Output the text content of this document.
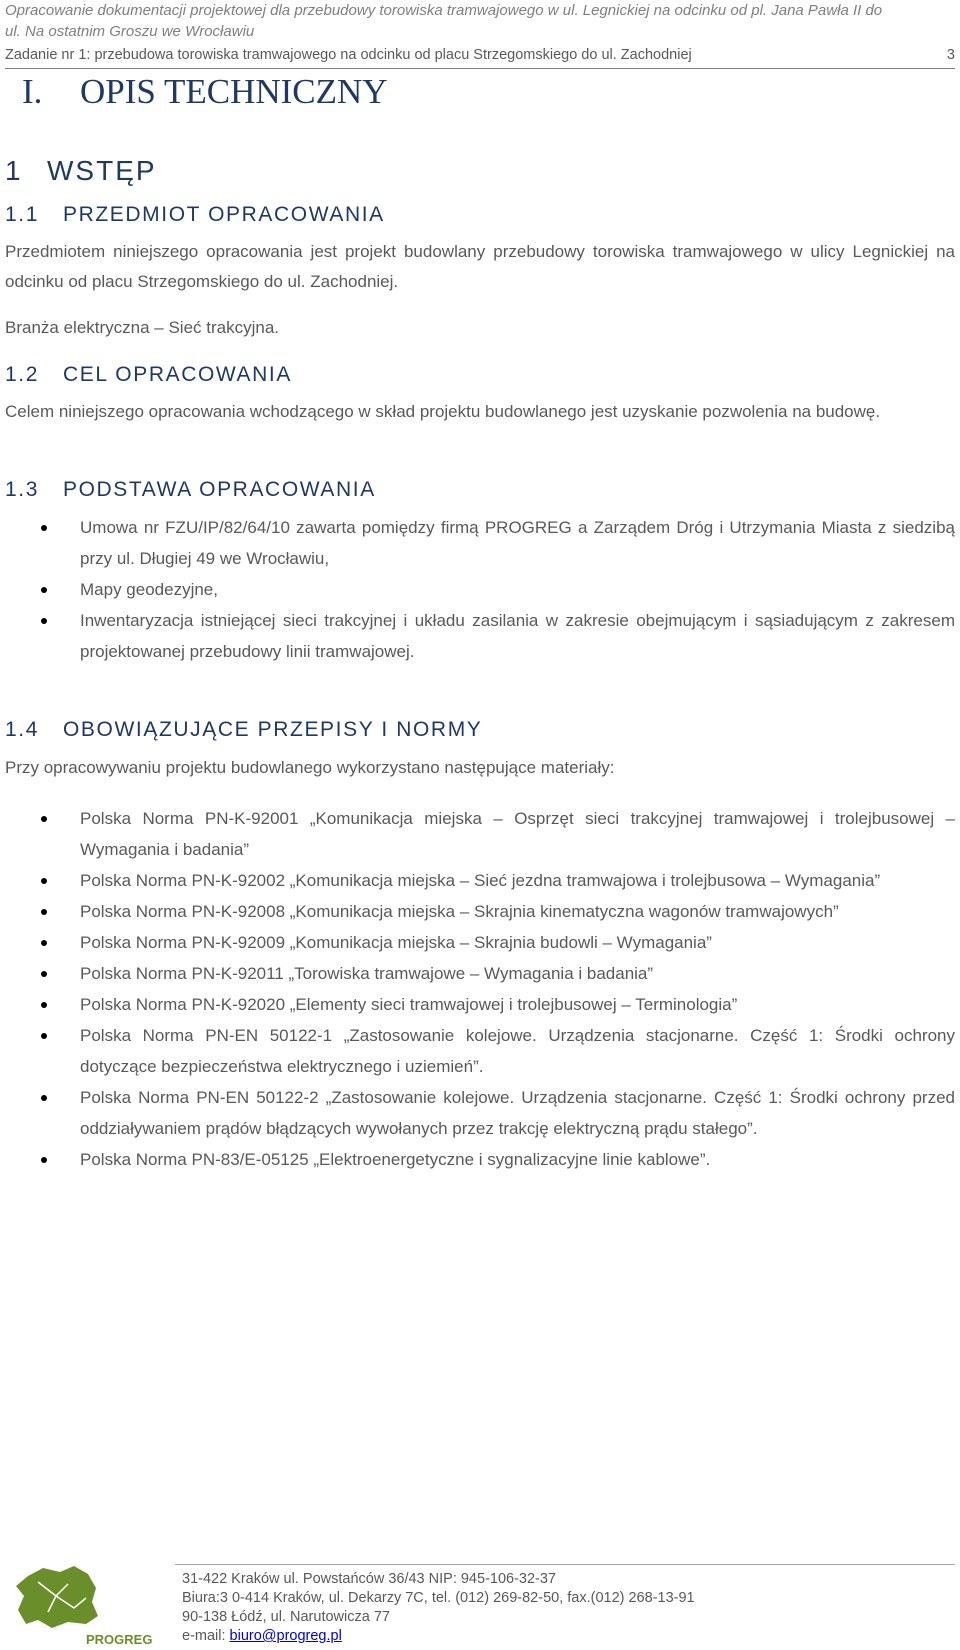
Opracowanie dokumentacji projektowej dla przebudowy torowiska tramwajowego w ul. Legnickiej na odcinku od pl. Jana Pawła II do
ul. Na ostatnim Groszu we Wrocławiu
Zadanie nr 1: przebudowa torowiska tramwajowego na odcinku od placu Strzegomskiego do ul. Zachodniej	3
I. OPIS TECHNICZNY
1 WSTĘP
1.1 PRZEDMIOT OPRACOWANIA
Przedmiotem niniejszego opracowania jest projekt budowlany przebudowy torowiska tramwajowego w ulicy Legnickiej na odcinku od placu Strzegomskiego do ul. Zachodniej.
Branża elektryczna – Sieć trakcyjna.
1.2 CEL OPRACOWANIA
Celem niniejszego opracowania wchodzącego w skład projektu budowlanego jest uzyskanie pozwolenia na budowę.
1.3 PODSTAWA OPRACOWANIA
Umowa nr FZU/IP/82/64/10 zawarta pomiędzy firmą PROGREG a Zarządem Dróg i Utrzymania Miasta z siedzibą przy ul. Długiej 49 we Wrocławiu,
Mapy geodezyjne,
Inwentaryzacja istniejącej sieci trakcyjnej i układu zasilania w zakresie obejmującym i sąsiadującym z zakresem projektowanej przebudowy linii tramwajowej.
1.4 OBOWIĄZUJĄCE PRZEPISY I NORMY
Przy opracowywaniu projektu budowlanego wykorzystano następujące materiały:
Polska Norma PN-K-92001 „Komunikacja miejska – Osprzęt sieci trakcyjnej tramwajowej i trolejbusowej – Wymagania i badania”
Polska Norma PN-K-92002 „Komunikacja miejska – Sieć jezdna tramwajowa i trolejbusowa – Wymagania”
Polska Norma PN-K-92008 „Komunikacja miejska – Skrajnia kinematyczna wagonów tramwajowych”
Polska Norma PN-K-92009 „Komunikacja miejska – Skrajnia budowli – Wymagania”
Polska Norma PN-K-92011 „Torowiska tramwajowe – Wymagania i badania”
Polska Norma PN-K-92020 „Elementy sieci tramwajowej i trolejbusowej – Terminologia”
Polska Norma PN-EN 50122-1 „Zastosowanie kolejowe. Urządzenia stacjonarne. Część 1: Środki ochrony dotyczące bezpieczeństwa elektrycznego i uziemień”.
Polska Norma PN-EN 50122-2 „Zastosowanie kolejowe. Urządzenia stacjonarne. Część 1: Środki ochrony przed oddziaływaniem prądów błądzących wywołanych przez trakcję elektryczną prądu stałego”.
Polska Norma PN-83/E-05125 „Elektroenergetyczne i sygnalizacyjne linie kablowe”.
PROGREG
31-422 Kraków ul. Powstańców 36/43 NIP: 945-106-32-37
Biura:3 0-414 Kraków, ul. Dekarzy 7C, tel. (012) 269-82-50, fax.(012) 268-13-91
90-138 Łódź, ul. Narutowicza 77
e-mail: biuro@progreg.pl
